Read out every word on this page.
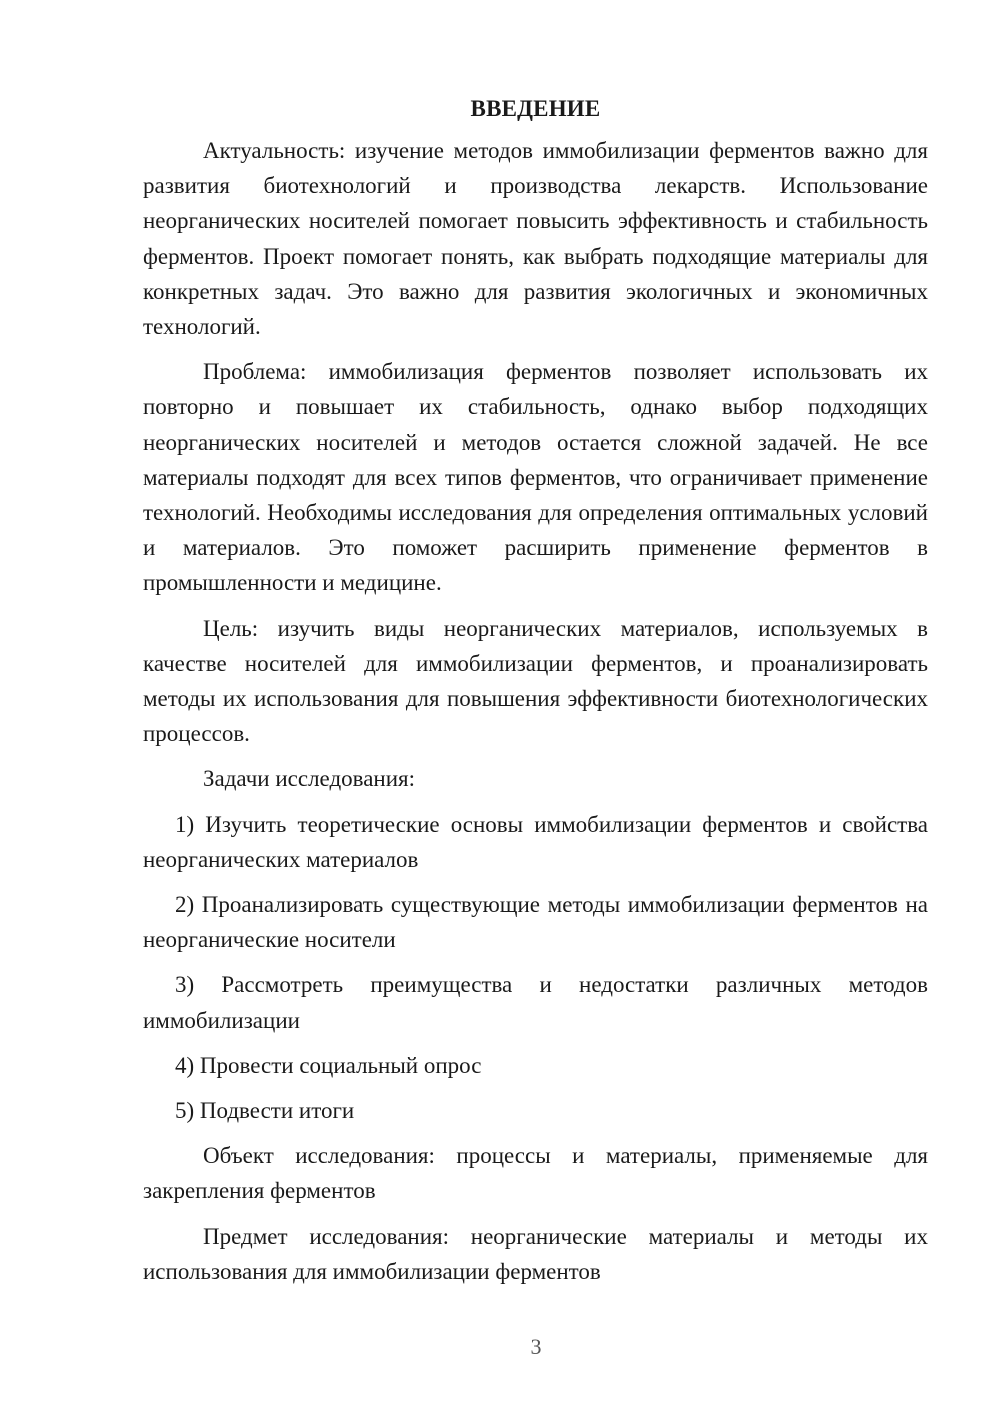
ВВЕДЕНИЕ

Актуальность: изучение методов иммобилизации ферментов важно для развития биотехнологий и производства лекарств. Использование неорганических носителей помогает повысить эффективность и стабильность ферментов. Проект помогает понять, как выбрать подходящие материалы для конкретных задач. Это важно для развития экологичных и экономичных технологий.

Проблема: иммобилизация ферментов позволяет использовать их повторно и повышает их стабильность, однако выбор подходящих неорганических носителей и методов остается сложной задачей. Не все материалы подходят для всех типов ферментов, что ограничивает применение технологий. Необходимы исследования для определения оптимальных условий и материалов. Это поможет расширить применение ферментов в промышленности и медицине.

Цель: изучить виды неорганических материалов, используемых в качестве носителей для иммобилизации ферментов, и проанализировать методы их использования для повышения эффективности биотехнологических процессов.

Задачи исследования:

1) Изучить теоретические основы иммобилизации ферментов и свойства неорганических материалов

2) Проанализировать существующие методы иммобилизации ферментов на неорганические носители

3) Рассмотреть преимущества и недостатки различных методов иммобилизации

4) Провести социальный опрос

5) Подвести итоги

Объект исследования: процессы и материалы, применяемые для закрепления ферментов

Предмет исследования: неорганические материалы и методы их использования для иммобилизации ферментов

3
